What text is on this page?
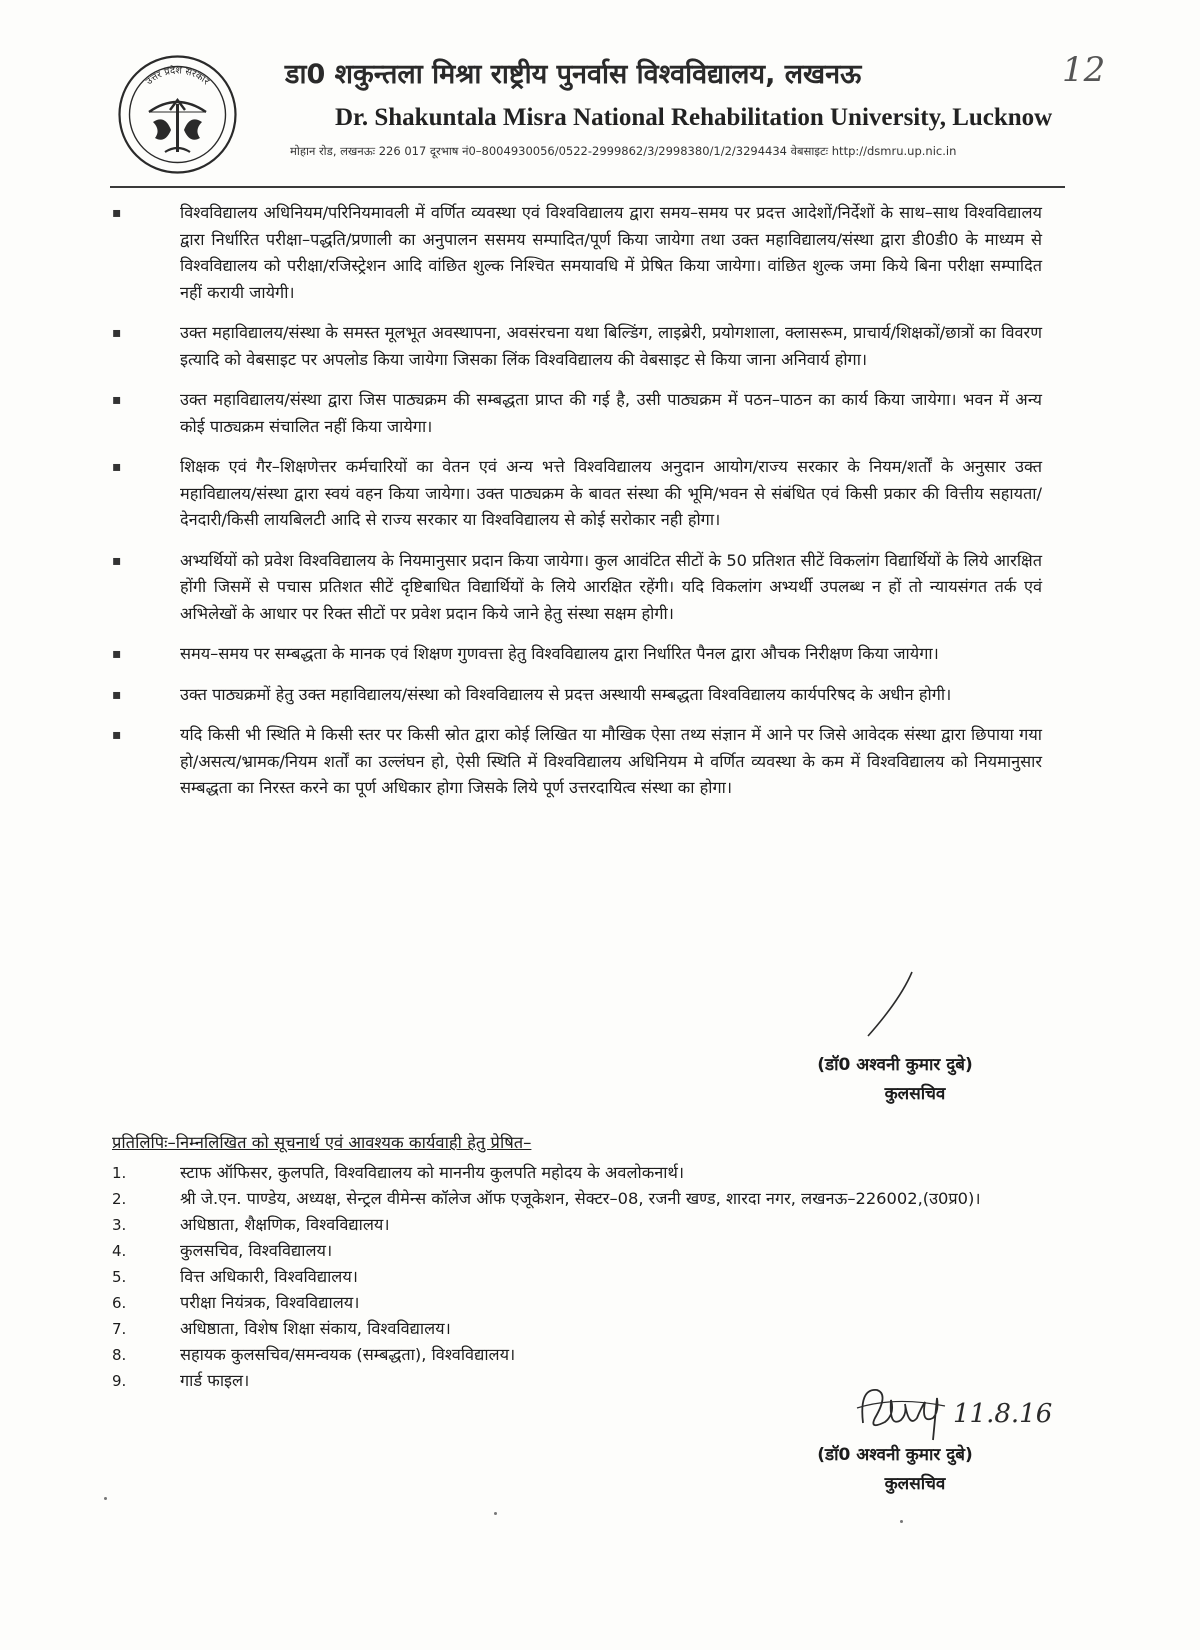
उत्तर प्रदेश सरकार	12
डा0 शकुन्तला मिश्रा राष्ट्रीय पुनर्वास विश्वविद्यालय, लखनऊ
Dr. Shakuntala Misra National Rehabilitation University, Lucknow
मोहान रोड, लखनऊः 226 017 दूरभाष नं0–8004930056/0522-2999862/3/2998380/1/2/3294434 वेबसाइटः http://dsmru.up.nic.in
▪	विश्वविद्यालय अधिनियम/परिनियमावली में वर्णित व्यवस्था एवं विश्वविद्यालय द्वारा समय–समय पर प्रदत्त आदेशों/निर्देशों के साथ–साथ विश्वविद्यालय द्वारा निर्धारित परीक्षा–पद्धति/प्रणाली का अनुपालन ससमय सम्पादित/पूर्ण किया जायेगा तथा उक्त महाविद्यालय/संस्था द्वारा डी0डी0 के माध्यम से विश्वविद्यालय को परीक्षा/रजिस्ट्रेशन आदि वांछित शुल्क निश्चित समयावधि में प्रेषित किया जायेगा। वांछित शुल्क जमा किये बिना परीक्षा सम्पादित नहीं करायी जायेगी।
▪	उक्त महाविद्यालय/संस्था के समस्त मूलभूत अवस्थापना, अवसंरचना यथा बिल्डिंग, लाइब्रेरी, प्रयोगशाला, क्लासरूम, प्राचार्य/शिक्षकों/छात्रों का विवरण इत्यादि को वेबसाइट पर अपलोड किया जायेगा जिसका लिंक विश्वविद्यालय की वेबसाइट से किया जाना अनिवार्य होगा।
▪	उक्त महाविद्यालय/संस्था द्वारा जिस पाठ्यक्रम की सम्बद्धता प्राप्त की गई है, उसी पाठ्यक्रम में पठन–पाठन का कार्य किया जायेगा। भवन में अन्य कोई पाठ्यक्रम संचालित नहीं किया जायेगा।
▪	शिक्षक एवं गैर–शिक्षणेत्तर कर्मचारियों का वेतन एवं अन्य भत्ते विश्वविद्यालय अनुदान आयोग/राज्य सरकार के नियम/शर्तों के अनुसार उक्त महाविद्यालय/संस्था द्वारा स्वयं वहन किया जायेगा। उक्त पाठ्यक्रम के बावत संस्था की भूमि/भवन से संबंधित एवं किसी प्रकार की वित्तीय सहायता/देनदारी/किसी लायबिलटी आदि से राज्य सरकार या विश्वविद्यालय से कोई सरोकार नही होगा।
▪	अभ्यर्थियों को प्रवेश विश्वविद्यालय के नियमानुसार प्रदान किया जायेगा। कुल आवंटित सीटों के 50 प्रतिशत सीटें विकलांग विद्यार्थियों के लिये आरक्षित होंगी जिसमें से पचास प्रतिशत सीटें दृष्टिबाधित विद्यार्थियों के लिये आरक्षित रहेंगी। यदि विकलांग अभ्यर्थी उपलब्ध न हों तो न्यायसंगत तर्क एवं अभिलेखों के आधार पर रिक्त सीटों पर प्रवेश प्रदान किये जाने हेतु संस्था सक्षम होगी।
▪	समय–समय पर सम्बद्धता के मानक एवं शिक्षण गुणवत्ता हेतु विश्वविद्यालय द्वारा निर्धारित पैनल द्वारा औचक निरीक्षण किया जायेगा।
▪	उक्त पाठ्यक्रमों हेतु उक्त महाविद्यालय/संस्था को विश्वविद्यालय से प्रदत्त अस्थायी सम्बद्धता विश्वविद्यालय कार्यपरिषद के अधीन होगी।
▪	यदि किसी भी स्थिति मे किसी स्तर पर किसी स्रोत द्वारा कोई लिखित या मौखिक ऐसा तथ्य संज्ञान में आने पर जिसे आवेदक संस्था द्वारा छिपाया गया हो/असत्य/भ्रामक/नियम शर्तों का उल्लंघन हो, ऐसी स्थिति में विश्वविद्यालय अधिनियम मे वर्णित व्यवस्था के कम में विश्वविद्यालय को नियमानुसार सम्बद्धता का निरस्त करने का पूर्ण अधिकार होगा जिसके लिये पूर्ण उत्तरदायित्व संस्था का होगा।
(डॉ0 अश्वनी कुमार दुबे)
कुलसचिव
प्रतिलिपिः–निम्नलिखित को सूचनार्थ एवं आवश्यक कार्यवाही हेतु प्रेषित–
1.	स्टाफ ऑफिसर, कुलपति, विश्वविद्यालय को माननीय कुलपति महोदय के अवलोकनार्थ।
2.	श्री जे.एन. पाण्डेय, अध्यक्ष, सेन्ट्रल वीमेन्स कॉलेज ऑफ एजूकेशन, सेक्टर–08, रजनी खण्ड, शारदा नगर, लखनऊ–226002,(उ0प्र0)।
3.	अधिष्ठाता, शैक्षणिक, विश्वविद्यालय।
4.	कुलसचिव, विश्वविद्यालय।
5.	वित्त अधिकारी, विश्वविद्यालय।
6.	परीक्षा नियंत्रक, विश्वविद्यालय।
7.	अधिष्ठाता, विशेष शिक्षा संकाय, विश्वविद्यालय।
8.	सहायक कुलसचिव/समन्वयक (सम्बद्धता), विश्वविद्यालय।
9.	गार्ड फाइल।
11.8.16
(डॉ0 अश्वनी कुमार दुबे)
कुलसचिव
